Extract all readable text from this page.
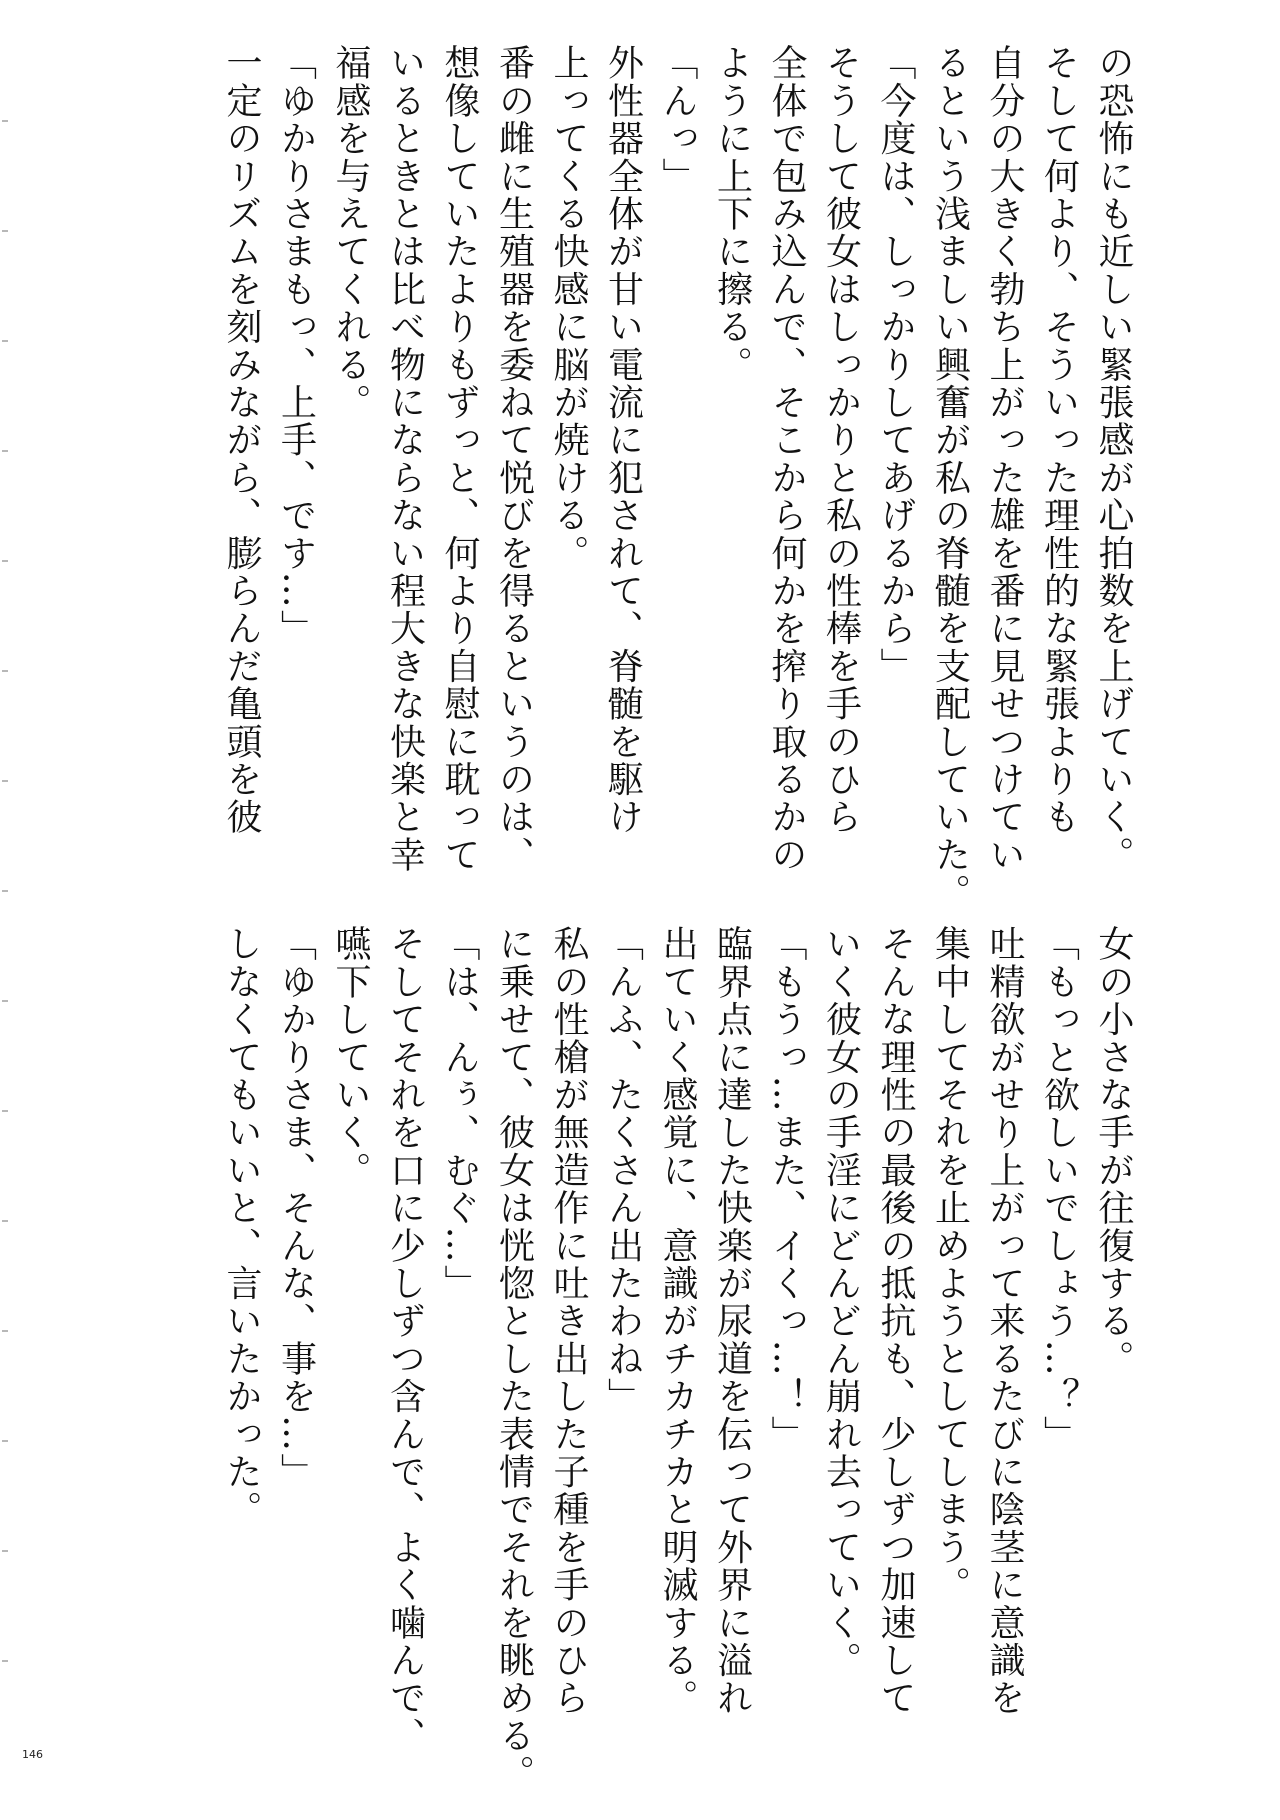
の恐怖にも近しい緊張感が心拍数を上げていく。

そして何より、そういった理性的な緊張よりも

自分の大きく勃ち上がった雄を番に見せつけてい

るという浅ましい興奮が私の脊髄を支配していた。

「今度は、しっかりしてあげるから」

そうして彼女はしっかりと私の性棒を手のひら

全体で包み込んで、そこから何かを搾り取るかの

ように上下に擦る。

「んっ」

外性器全体が甘い電流に犯されて、脊髄を駆け

上ってくる快感に脳が焼ける。

番の雌に生殖器を委ねて悦びを得るというのは、

想像していたよりもずっと、何より自慰に耽って

いるときとは比べ物にならない程大きな快楽と幸

福感を与えてくれる。

「ゆかりさまもっ、上手、です…」

一定のリズムを刻みながら、膨らんだ亀頭を彼

女の小さな手が往復する。

「もっと欲しいでしょう…？」

吐精欲がせり上がって来るたびに陰茎に意識を

集中してそれを止めようとしてしまう。

そんな理性の最後の抵抗も、少しずつ加速して

いく彼女の手淫にどんどん崩れ去っていく。

「もうっ…また、イくっ…！」

臨界点に達した快楽が尿道を伝って外界に溢れ

出ていく感覚に、意識がチカチカと明滅する。

「んふ、たくさん出たわね」

私の性槍が無造作に吐き出した子種を手のひら

に乗せて、彼女は恍惚とした表情でそれを眺める。

「は、んぅ、むぐ…」

そしてそれを口に少しずつ含んで、よく噛んで、

嚥下していく。

「ゆかりさま、そんな、事を…」

しなくてもいいと、言いたかった。

146
